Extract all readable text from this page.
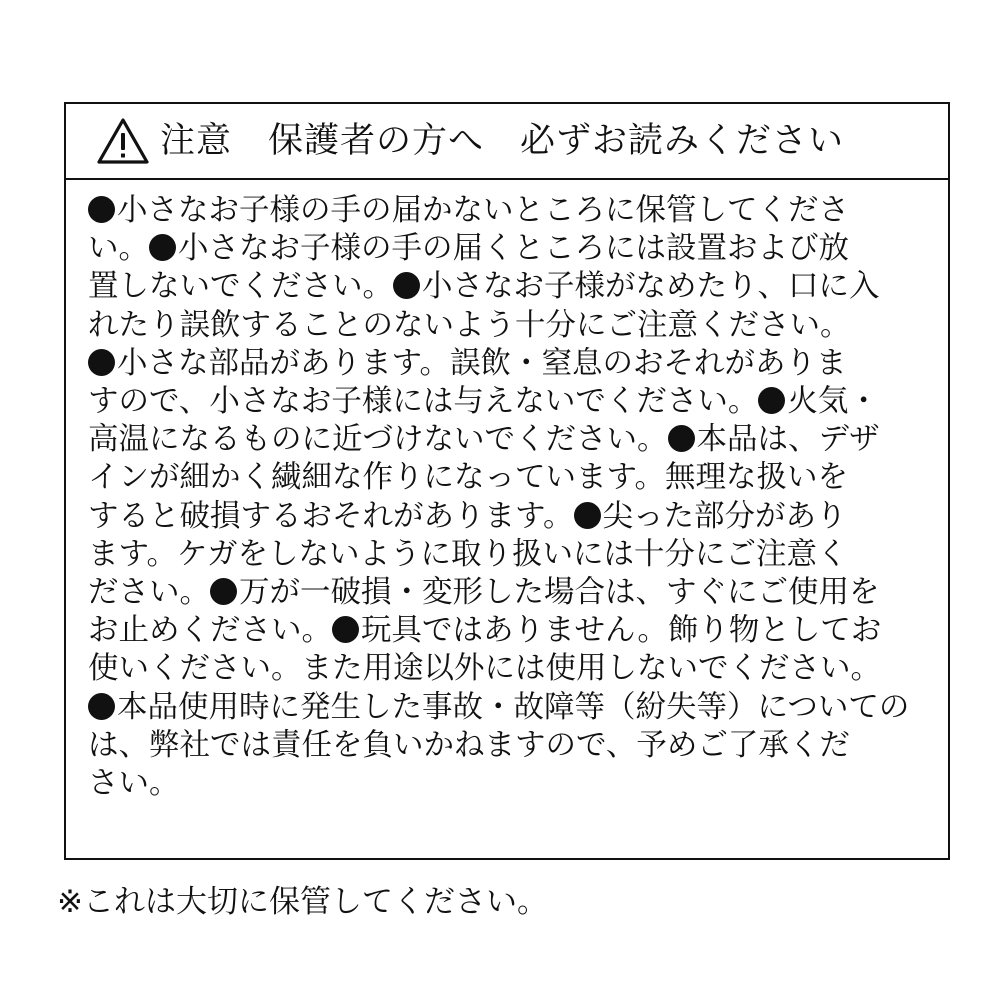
注意　保護者の方へ　必ずお読みください
小さなお子様の手の届かないところに保管してくださ
い。 小さなお子様の手の届くところには設置および放
置しないでください。 小さなお子様がなめたり、口に入
れたり誤飲することのないよう十分にご注意ください。
小さな部品があります。誤飲・窒息のおそれがありま
すので、小さなお子様には与えないでください。 火気・
高温になるものに近づけないでください。 本品は、デザ
インが細かく繊細な作りになっています。無理な扱いを
すると破損するおそれがあります。 尖った部分があり
ます。ケガをしないように取り扱いには十分にご注意く
ださい。 万が一破損・変形した場合は、すぐにご使用を
お止めください。 玩具ではありません。飾り物としてお
使いください。また用途以外には使用しないでください。
本品使用時に発生した事故・故障等（紛失等）についての
は、弊社では責任を負いかねますので、予めご了承くだ
さい。
※これは大切に保管してください。
